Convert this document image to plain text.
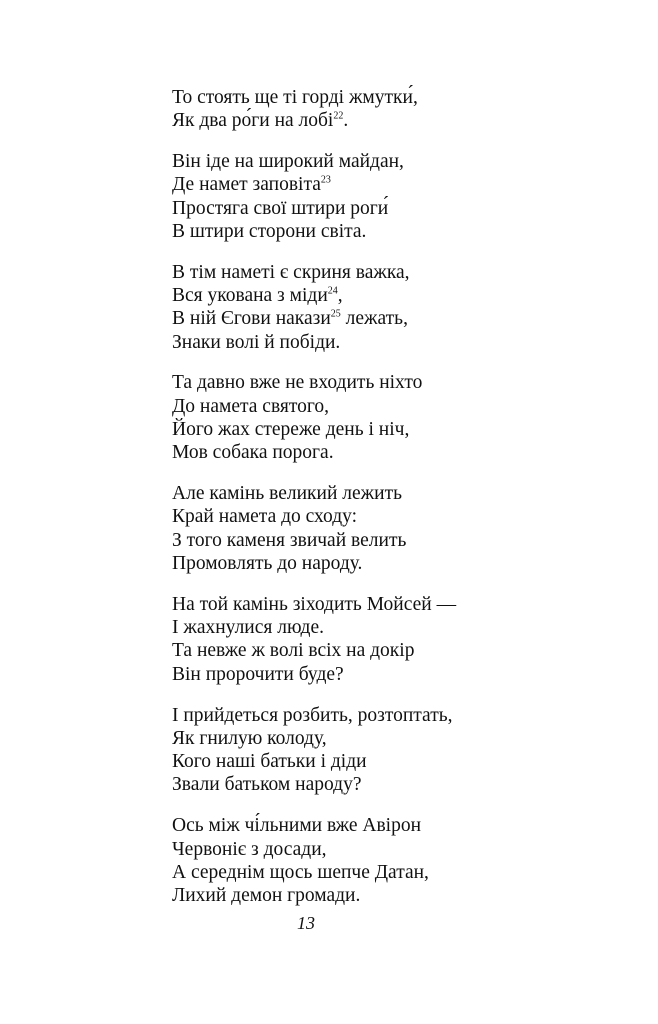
То стоять ще ті горді жмутки́,
Як два ро́ги на лобі$^{22}$.
Він іде на широкий майдан,
Де намет заповіта$^{23}$
Простяга свої штири роги́
В штири сторони світа.
В тім наметі є скриня важка,
Вся укована з міди$^{24}$,
В ній Єгови накази$^{25}$ лежать,
Знаки волі й побіди.
Та давно вже не входить ніхто
До намета святого,
Його жах стереже день і ніч,
Мов собака порога.
Але камінь великий лежить
Край намета до сходу:
З того каменя звичай велить
Промовлять до народу.
На той камінь зіходить Мойсей —
І жахнулися люде.
Та невже ж волі всіх на докір
Він пророчити буде?
І прийдеться розбить, розтоптать,
Як гнилую колоду,
Кого наші батьки і діди
Звали батьком народу?
Ось між чі́льними вже Авірон
Червоніє з досади,
А середнім щось шепче Датан,
Лихий демон громади.
13
